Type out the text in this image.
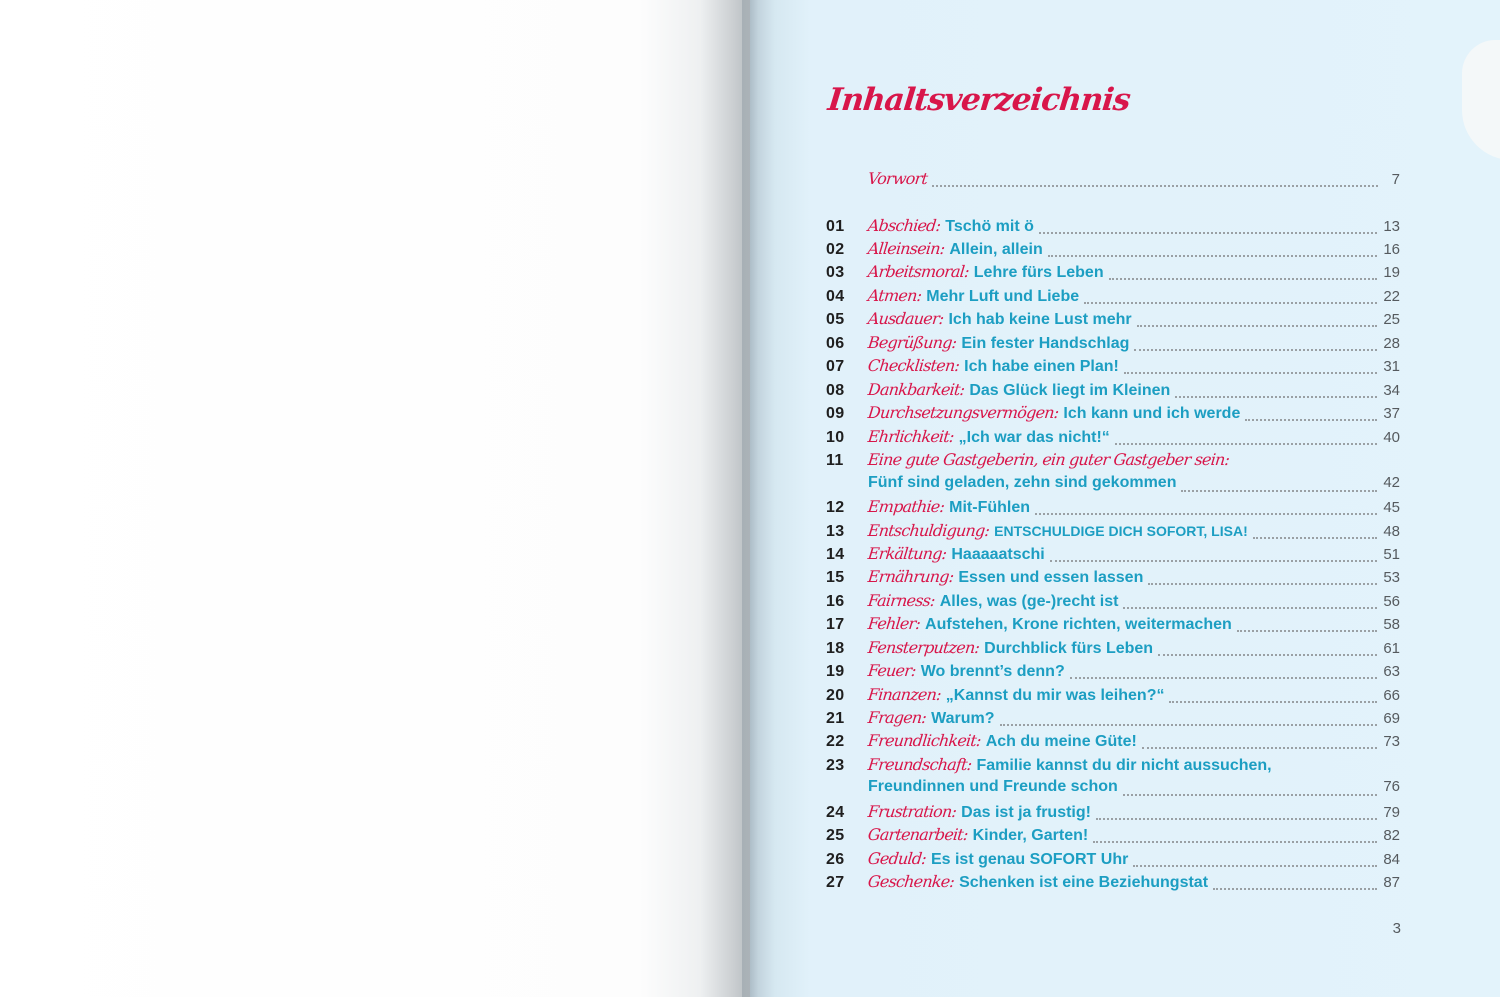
Inhaltsverzeichnis
Vorwort	7
01	Abschied: Tschö mit ö	13
02	Alleinsein: Allein, allein	16
03	Arbeitsmoral: Lehre fürs Leben	19
04	Atmen: Mehr Luft und Liebe	22
05	Ausdauer: Ich hab keine Lust mehr	25
06	Begrüßung: Ein fester Handschlag	28
07	Checklisten: Ich habe einen Plan!	31
08	Dankbarkeit: Das Glück liegt im Kleinen	34
09	Durchsetzungsvermögen: Ich kann und ich werde	37
10	Ehrlichkeit: „Ich war das nicht!“	40
11	Eine gute Gastgeberin, ein guter Gastgeber sein:
Fünf sind geladen, zehn sind gekommen	42
12	Empathie: Mit-Fühlen	45
13	Entschuldigung: ENTSCHULDIGE DICH SOFORT, LISA!	48
14	Erkältung: Haaaaatschi	51
15	Ernährung: Essen und essen lassen	53
16	Fairness: Alles, was (ge-)recht ist	56
17	Fehler: Aufstehen, Krone richten, weitermachen	58
18	Fensterputzen: Durchblick fürs Leben	61
19	Feuer: Wo brennt’s denn?	63
20	Finanzen: „Kannst du mir was leihen?“	66
21	Fragen: Warum?	69
22	Freundlichkeit: Ach du meine Güte!	73
23	Freundschaft: Familie kannst du dir nicht aussuchen,
Freundinnen und Freunde schon	76
24	Frustration: Das ist ja frustig!	79
25	Gartenarbeit: Kinder, Garten!	82
26	Geduld: Es ist genau SOFORT Uhr	84
27	Geschenke: Schenken ist eine Beziehungstat	87
3
